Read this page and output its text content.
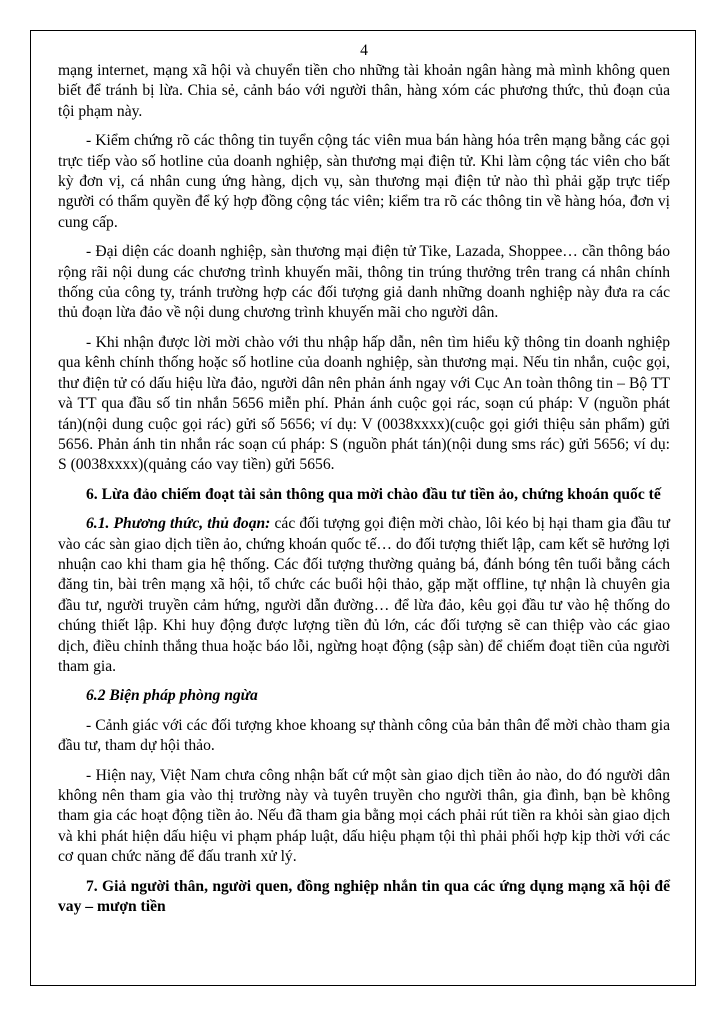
4

mạng internet, mạng xã hội và chuyển tiền cho những tài khoản ngân hàng mà mình không quen biết để tránh bị lừa. Chia sẻ, cảnh báo với người thân, hàng xóm các phương thức, thủ đoạn của tội phạm này.

- Kiểm chứng rõ các thông tin tuyển cộng tác viên mua bán hàng hóa trên mạng bằng các gọi trực tiếp vào số hotline của doanh nghiệp, sàn thương mại điện tử. Khi làm cộng tác viên cho bất kỳ đơn vị, cá nhân cung ứng hàng, dịch vụ, sàn thương mại điện tử nào thì phải gặp trực tiếp người có thẩm quyền để ký hợp đồng cộng tác viên; kiểm tra rõ các thông tin về hàng hóa, đơn vị cung cấp.

- Đại diện các doanh nghiệp, sàn thương mại điện tử Tike, Lazada, Shoppee… cần thông báo rộng rãi nội dung các chương trình khuyến mãi, thông tin trúng thưởng trên trang cá nhân chính thống của công ty, tránh trường hợp các đối tượng giả danh những doanh nghiệp này đưa ra các thủ đoạn lừa đảo về nội dung chương trình khuyến mãi cho người dân.

- Khi nhận được lời mời chào với thu nhập hấp dẫn, nên tìm hiểu kỹ thông tin doanh nghiệp qua kênh chính thống hoặc số hotline của doanh nghiệp, sàn thương mại. Nếu tin nhắn, cuộc gọi, thư điện tử có dấu hiệu lừa đảo, người dân nên phản ánh ngay với Cục An toàn thông tin – Bộ TT và TT qua đầu số tin nhắn 5656 miễn phí. Phản ánh cuộc gọi rác, soạn cú pháp: V (nguồn phát tán)(nội dung cuộc gọi rác) gửi số 5656; ví dụ: V (0038xxxx)(cuộc gọi giới thiệu sản phẩm) gửi 5656. Phản ánh tin nhắn rác soạn cú pháp: S (nguồn phát tán)(nội dung sms rác) gửi 5656; ví dụ: S (0038xxxx)(quảng cáo vay tiền) gửi 5656.

6. Lừa đảo chiếm đoạt tài sản thông qua mời chào đầu tư tiền ảo, chứng khoán quốc tế

6.1. Phương thức, thủ đoạn: các đối tượng gọi điện mời chào, lôi kéo bị hại tham gia đầu tư vào các sàn giao dịch tiền ảo, chứng khoán quốc tế… do đối tượng thiết lập, cam kết sẽ hưởng lợi nhuận cao khi tham gia hệ thống. Các đối tượng thường quảng bá, đánh bóng tên tuổi bằng cách đăng tin, bài trên mạng xã hội, tổ chức các buổi hội thảo, gặp mặt offline, tự nhận là chuyên gia đầu tư, người truyền cảm hứng, người dẫn đường… để lừa đảo, kêu gọi đầu tư vào hệ thống do chúng thiết lập. Khi huy động được lượng tiền đủ lớn, các đối tượng sẽ can thiệp vào các giao dịch, điều chỉnh thắng thua hoặc báo lỗi, ngừng hoạt động (sập sàn) để chiếm đoạt tiền của người tham gia.

6.2 Biện pháp phòng ngừa

- Cảnh giác với các đối tượng khoe khoang sự thành công của bản thân để mời chào tham gia đầu tư, tham dự hội thảo.

- Hiện nay, Việt Nam chưa công nhận bất cứ một sàn giao dịch tiền ảo nào, do đó người dân không nên tham gia vào thị trường này và tuyên truyền cho người thân, gia đình, bạn bè không tham gia các hoạt động tiền ảo. Nếu đã tham gia bằng mọi cách phải rút tiền ra khỏi sàn giao dịch và khi phát hiện dấu hiệu vi phạm pháp luật, dấu hiệu phạm tội thì phải phối hợp kịp thời với các cơ quan chức năng để đấu tranh xử lý.

7. Giả người thân, người quen, đồng nghiệp nhắn tin qua các ứng dụng mạng xã hội để vay – mượn tiền
